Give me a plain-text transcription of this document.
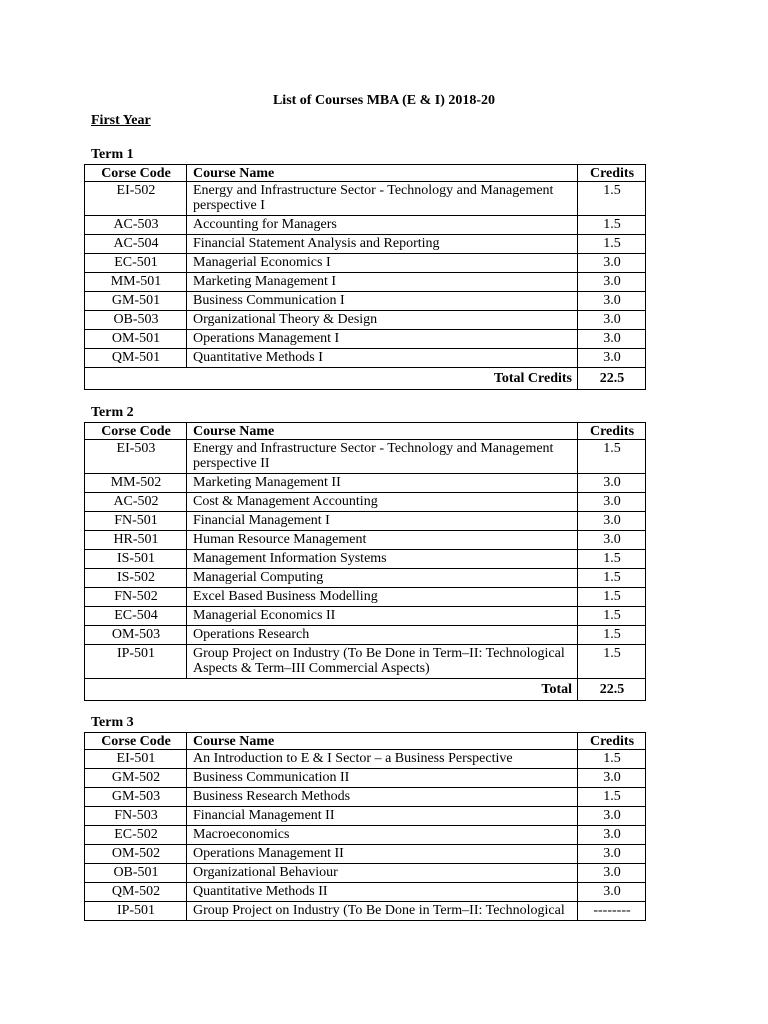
List of Courses MBA (E & I) 2018-20
First Year
Term 1
Corse Code	Course Name	Credits
EI-502	Energy and Infrastructure Sector - Technology and Management perspective I	1.5
AC-503	Accounting for Managers	1.5
AC-504	Financial Statement Analysis and Reporting	1.5
EC-501	Managerial Economics I	3.0
MM-501	Marketing Management I	3.0
GM-501	Business Communication I	3.0
OB-503	Organizational Theory & Design	3.0
OM-501	Operations Management I	3.0
QM-501	Quantitative Methods I	3.0
Total Credits		22.5
Term 2
Corse Code	Course Name	Credits
EI-503	Energy and Infrastructure Sector - Technology and Management perspective II	1.5
MM-502	Marketing Management II	3.0
AC-502	Cost & Management Accounting	3.0
FN-501	Financial Management I	3.0
HR-501	Human Resource Management	3.0
IS-501	Management Information Systems	1.5
IS-502	Managerial Computing	1.5
FN-502	Excel Based Business Modelling	1.5
EC-504	Managerial Economics II	1.5
OM-503	Operations Research	1.5
IP-501	Group Project on Industry (To Be Done in Term–II: Technological Aspects & Term–III Commercial Aspects)	1.5
Total		22.5
Term 3
Corse Code	Course Name	Credits
EI-501	An Introduction to E & I Sector – a Business Perspective	1.5
GM-502	Business Communication II	3.0
GM-503	Business Research Methods	1.5
FN-503	Financial Management II	3.0
EC-502	Macroeconomics	3.0
OM-502	Operations Management II	3.0
OB-501	Organizational Behaviour	3.0
QM-502	Quantitative Methods II	3.0
IP-501	Group Project on Industry (To Be Done in Term–II: Technological	--------
